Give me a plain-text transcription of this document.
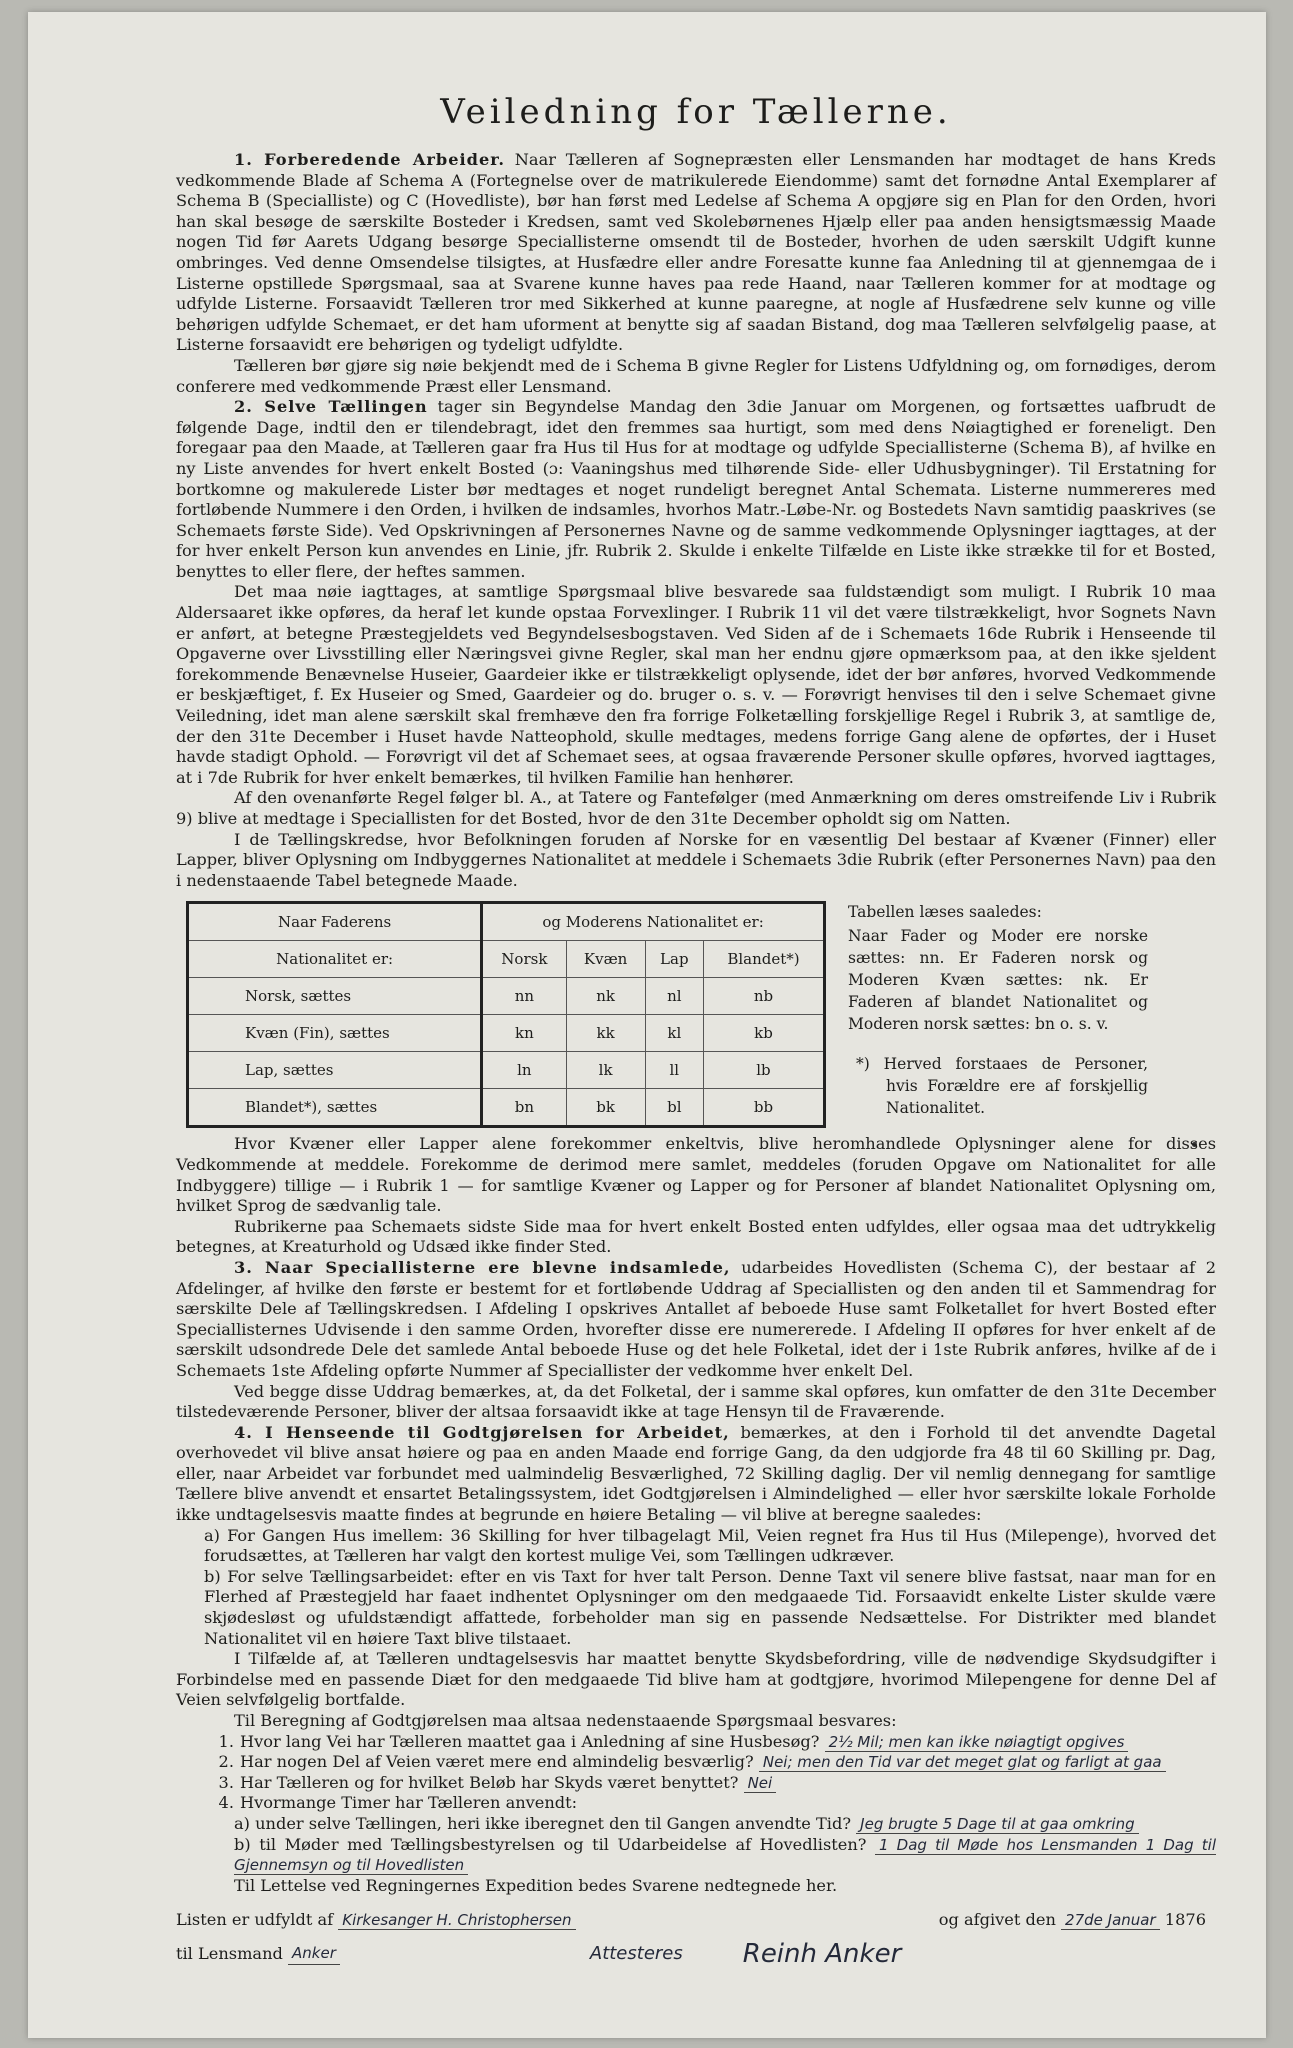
Veiledning for Tællerne.

1. Forberedende Arbeider. Naar Tælleren af Sognepræsten eller Lensmanden har modtaget de hans Kreds vedkommende Blade af Schema A (Fortegnelse over de matrikulerede Eiendomme) samt det fornødne Antal Exemplarer af Schema B (Specialliste) og C (Hovedliste), bør han først med Ledelse af Schema A opgjøre sig en Plan for den Orden, hvori han skal besøge de særskilte Bosteder i Kredsen, samt ved Skolebørnenes Hjælp eller paa anden hensigtsmæssig Maade nogen Tid før Aarets Udgang besørge Speciallisterne omsendt til de Bosteder, hvorhen de uden særskilt Udgift kunne ombringes. Ved denne Omsendelse tilsigtes, at Husfædre eller andre Foresatte kunne faa Anledning til at gjennemgaa de i Listerne opstillede Spørgsmaal, saa at Svarene kunne haves paa rede Haand, naar Tælleren kommer for at modtage og udfylde Listerne. Forsaavidt Tælleren tror med Sikkerhed at kunne paaregne, at nogle af Husfædrene selv kunne og ville behørigen udfylde Schemaet, er det ham uforment at benytte sig af saadan Bistand, dog maa Tælleren selvfølgelig paase, at Listerne forsaavidt ere behørigen og tydeligt udfyldte.

Tælleren bør gjøre sig nøie bekjendt med de i Schema B givne Regler for Listens Udfyldning og, om fornødiges, derom conferere med vedkommende Præst eller Lensmand.

2. Selve Tællingen tager sin Begyndelse Mandag den 3die Januar om Morgenen, og fortsættes uafbrudt de følgende Dage, indtil den er tilendebragt, idet den fremmes saa hurtigt, som med dens Nøiagtighed er foreneligt. Den foregaar paa den Maade, at Tælleren gaar fra Hus til Hus for at modtage og udfylde Speciallisterne (Schema B), af hvilke en ny Liste anvendes for hvert enkelt Bosted (ɔ: Vaaningshus med tilhørende Side- eller Udhusbygninger). Til Erstatning for bortkomne og makulerede Lister bør medtages et noget rundeligt beregnet Antal Schemata. Listerne nummereres med fortløbende Nummere i den Orden, i hvilken de indsamles, hvorhos Matr.-Løbe-Nr. og Bostedets Navn samtidig paaskrives (se Schemaets første Side). Ved Opskrivningen af Personernes Navne og de samme vedkommende Oplysninger iagttages, at der for hver enkelt Person kun anvendes en Linie, jfr. Rubrik 2. Skulde i enkelte Tilfælde en Liste ikke strække til for et Bosted, benyttes to eller flere, der heftes sammen.

Det maa nøie iagttages, at samtlige Spørgsmaal blive besvarede saa fuldstændigt som muligt. I Rubrik 10 maa Aldersaaret ikke opføres, da heraf let kunde opstaa Forvexlinger. I Rubrik 11 vil det være tilstrækkeligt, hvor Sognets Navn er anført, at betegne Præstegjeldets ved Begyndelsesbogstaven. Ved Siden af de i Schemaets 16de Rubrik i Henseende til Opgaverne over Livsstilling eller Næringsvei givne Regler, skal man her endnu gjøre opmærksom paa, at den ikke sjeldent forekommende Benævnelse Huseier, Gaardeier ikke er tilstrækkeligt oplysende, idet der bør anføres, hvorved Vedkommende er beskjæftiget, f. Ex Huseier og Smed, Gaardeier og do. bruger o. s. v. — Forøvrigt henvises til den i selve Schemaet givne Veiledning, idet man alene særskilt skal fremhæve den fra forrige Folketælling forskjellige Regel i Rubrik 3, at samtlige de, der den 31te December i Huset havde Natteophold, skulle medtages, medens forrige Gang alene de opførtes, der i Huset havde stadigt Ophold. — Forøvrigt vil det af Schemaet sees, at ogsaa fraværende Personer skulle opføres, hvorved iagttages, at i 7de Rubrik for hver enkelt bemærkes, til hvilken Familie han henhører.

Af den ovenanførte Regel følger bl. A., at Tatere og Fantefølger (med Anmærkning om deres omstreifende Liv i Rubrik 9) blive at medtage i Speciallisten for det Bosted, hvor de den 31te December opholdt sig om Natten.

I de Tællingskredse, hvor Befolkningen foruden af Norske for en væsentlig Del bestaar af Kvæner (Finner) eller Lapper, bliver Oplysning om Indbyggernes Nationalitet at meddele i Schemaets 3die Rubrik (efter Personernes Navn) paa den i nedenstaaende Tabel betegnede Maade.

Naar Faderens	og Moderens Nationalitet er:			
Nationalitet er:	Norsk	Kvæn	Lap	Blandet*)
Norsk, sættes	nn	nk	nl	nb
Kvæn (Fin), sættes	kn	kk	kl	kb
Lap, sættes	ln	lk	ll	lb
Blandet*), sættes	bn	bk	bl	bb
Tabellen læses saaledes:
Naar Fader og Moder ere norske sættes: nn. Er Faderen norsk og Moderen Kvæn sættes: nk. Er Faderen af blandet Nationalitet og Moderen norsk sættes: bn o. s. v.
*) Herved forstaaes de Personer, hvis Forældre ere af forskjellig Nationalitet.

Hvor Kvæner eller Lapper alene forekommer enkeltvis, blive heromhandlede Oplysninger alene for disses Vedkommende at meddele. Forekomme de derimod mere samlet, meddeles (foruden Opgave om Nationalitet for alle Indbyggere) tillige — i Rubrik 1 — for samtlige Kvæner og Lapper og for Personer af blandet Nationalitet Oplysning om, hvilket Sprog de sædvanlig tale.

Rubrikerne paa Schemaets sidste Side maa for hvert enkelt Bosted enten udfyldes, eller ogsaa maa det udtrykkelig betegnes, at Kreaturhold og Udsæd ikke finder Sted.

3. Naar Speciallisterne ere blevne indsamlede, udarbeides Hovedlisten (Schema C), der bestaar af 2 Afdelinger, af hvilke den første er bestemt for et fortløbende Uddrag af Speciallisten og den anden til et Sammendrag for særskilte Dele af Tællingskredsen. I Afdeling I opskrives Antallet af beboede Huse samt Folketallet for hvert Bosted efter Speciallisternes Udvisende i den samme Orden, hvorefter disse ere numererede. I Afdeling II opføres for hver enkelt af de særskilt udsondrede Dele det samlede Antal beboede Huse og det hele Folketal, idet der i 1ste Rubrik anføres, hvilke af de i Schemaets 1ste Afdeling opførte Nummer af Speciallister der vedkomme hver enkelt Del.

Ved begge disse Uddrag bemærkes, at, da det Folketal, der i samme skal opføres, kun omfatter de den 31te December tilstedeværende Personer, bliver der altsaa forsaavidt ikke at tage Hensyn til de Fraværende.

4. I Henseende til Godtgjørelsen for Arbeidet, bemærkes, at den i Forhold til det anvendte Dagetal overhovedet vil blive ansat høiere og paa en anden Maade end forrige Gang, da den udgjorde fra 48 til 60 Skilling pr. Dag, eller, naar Arbeidet var forbundet med ualmindelig Besværlighed, 72 Skilling daglig. Der vil nemlig dennegang for samtlige Tællere blive anvendt et ensartet Betalingssystem, idet Godtgjørelsen i Almindelighed — eller hvor særskilte lokale Forholde ikke undtagelsesvis maatte findes at begrunde en høiere Betaling — vil blive at beregne saaledes:

a) For Gangen Hus imellem: 36 Skilling for hver tilbagelagt Mil, Veien regnet fra Hus til Hus (Milepenge), hvorved det forudsættes, at Tælleren har valgt den kortest mulige Vei, som Tællingen udkræver.

b) For selve Tællingsarbeidet: efter en vis Taxt for hver talt Person. Denne Taxt vil senere blive fastsat, naar man for en Flerhed af Præstegjeld har faaet indhentet Oplysninger om den medgaaede Tid. Forsaavidt enkelte Lister skulde være skjødesløst og ufuldstændigt affattede, forbeholder man sig en passende Nedsættelse. For Distrikter med blandet Nationalitet vil en høiere Taxt blive tilstaaet.

I Tilfælde af, at Tælleren undtagelsesvis har maattet benytte Skydsbefordring, ville de nødvendige Skydsudgifter i Forbindelse med en passende Diæt for den medgaaede Tid blive ham at godtgjøre, hvorimod Milepengene for denne Del af Veien selvfølgelig bortfalde.

Til Beregning af Godtgjørelsen maa altsaa nedenstaaende Spørgsmaal besvares:

1. Hvor lang Vei har Tælleren maattet gaa i Anledning af sine Husbesøg? 2½ Mil; men kan ikke nøiagtigt opgives
2. Har nogen Del af Veien været mere end almindelig besværlig? Nei; men den Tid var det meget glat og farligt at gaa
3. Har Tælleren og for hvilket Beløb har Skyds været benyttet? Nei
4. Hvormange Timer har Tælleren anvendt:
a) under selve Tællingen, heri ikke iberegnet den til Gangen anvendte Tid? Jeg brugte 5 Dage til at gaa omkring
b) til Møder med Tællingsbestyrelsen og til Udarbeidelse af Hovedlisten? 1 Dag til Møde hos Lensmanden 1 Dag til Gjennemsyn og til Hovedlisten

Til Lettelse ved Regningernes Expedition bedes Svarene nedtegnede her.

Listen er udfyldt af Kirkesanger H. Christophersen	og afgivet den 27de Januar 1876
til Lensmand
Anker	Attesteres Reinh Anker
